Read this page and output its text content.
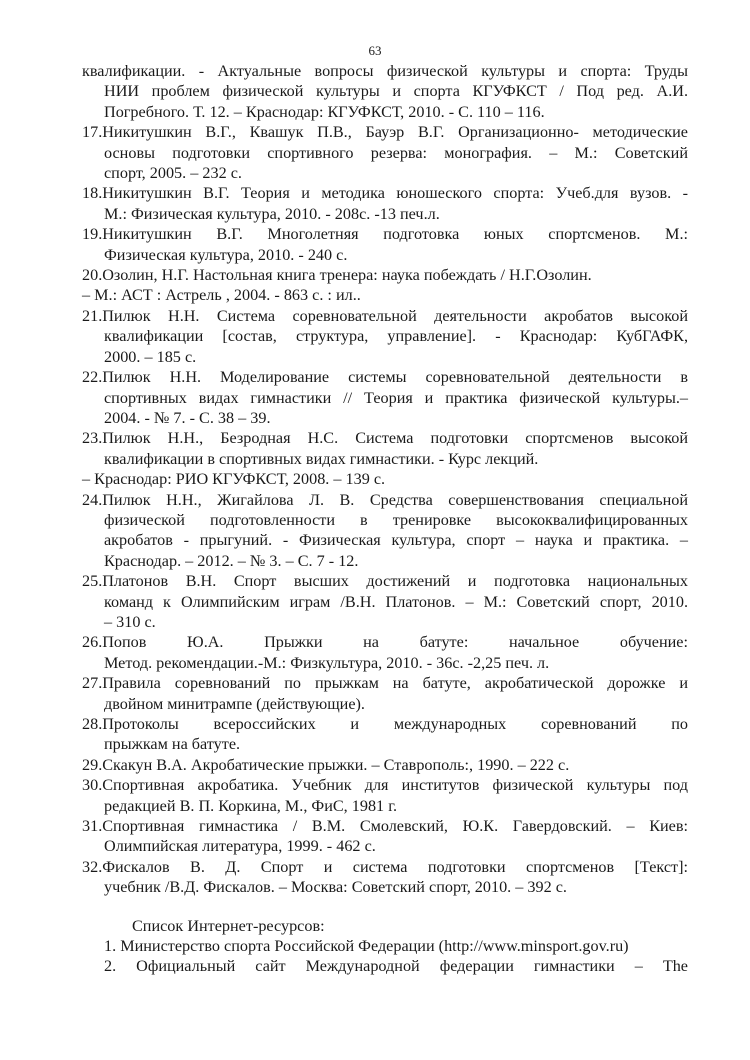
63
квалификации. - Актуальные вопросы физической культуры и спорта: Труды
НИИ проблем физической культуры и спорта КГУФКСТ / Под ред. А.И.
Погребного. Т. 12. – Краснодар: КГУФКСТ, 2010. - С. 110 – 116.
17.Никитушкин В.Г., Квашук П.В., Бауэр В.Г. Организационно- методические
основы подготовки спортивного резерва: монография. – М.: Советский
спорт, 2005. – 232 с.
18.Никитушкин В.Г. Теория и методика юношеского спорта: Учеб.для вузов. -
М.: Физическая культура, 2010. - 208с. -13 печ.л.
19.Никитушкин В.Г. Многолетняя подготовка юных спортсменов. М.:
Физическая культура, 2010. - 240 с.
20.Озолин, Н.Г. Настольная книга тренера: наука побеждать / Н.Г.Озолин.
– М.: АСТ : Астрель , 2004. - 863 с. : ил..
21.Пилюк Н.Н. Система соревновательной деятельности акробатов высокой
квалификации [состав, структура, управление]. - Краснодар: КубГАФК,
2000. – 185 с.
22.Пилюк Н.Н. Моделирование системы соревновательной деятельности в
спортивных видах гимнастики // Теория и практика физической культуры.–
2004. - № 7. - С. 38 – 39.
23.Пилюк Н.Н., Безродная Н.С. Система подготовки спортсменов высокой
квалификации в спортивных видах гимнастики. - Курс лекций.
– Краснодар: РИО КГУФКСТ, 2008. – 139 с.
24.Пилюк Н.Н., Жигайлова Л. В. Средства совершенствования специальной
физической подготовленности в тренировке высококвалифицированных
акробатов - прыгуний. - Физическая культура, спорт – наука и практика. –
Краснодар. – 2012. – № 3. – С. 7 - 12.
25.Платонов В.Н. Спорт высших достижений и подготовка национальных
команд к Олимпийским играм /В.Н. Платонов. – М.: Советский спорт, 2010.
– 310 с.
26.Попов Ю.А. Прыжки на батуте: начальное обучение:
Метод. рекомендации.-М.: Физкультура, 2010. - 36с. -2,25 печ. л.
27.Правила соревнований по прыжкам на батуте, акробатической дорожке и
двойном минитрампе (действующие).
28.Протоколы всероссийских и международных соревнований по
прыжкам на батуте.
29.Скакун В.А. Акробатические прыжки. – Ставрополь:, 1990. – 222 с.
30.Спортивная акробатика. Учебник для институтов физической культуры под
редакцией В. П. Коркина, М., ФиС, 1981 г.
31.Спортивная гимнастика / В.М. Смолевский, Ю.К. Гавердовский. – Киев:
Олимпийская литература, 1999. - 462 с.
32.Фискалов В. Д. Спорт и система подготовки спортсменов [Текст]:
учебник /В.Д. Фискалов. – Москва: Советский спорт, 2010. – 392 с.
Список Интернет-ресурсов:
1. Министерство спорта Российской Федерации (http://www.minsport.gov.ru)
2. Официальный сайт Международной федерации гимнастики – The
